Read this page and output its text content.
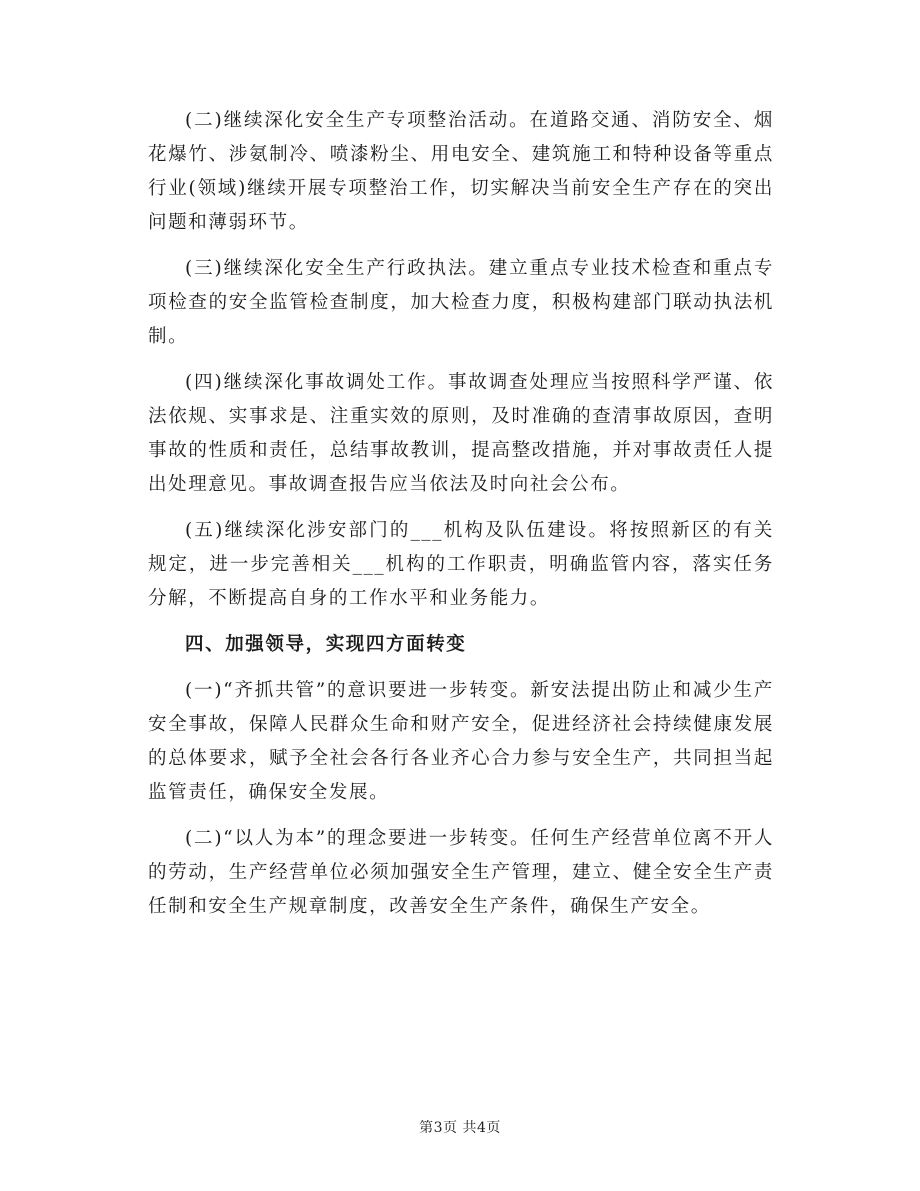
(二)继续深化安全生产专项整治活动。在道路交通、消防安全、烟花爆竹、涉氨制冷、喷漆粉尘、用电安全、建筑施工和特种设备等重点行业(领域)继续开展专项整治工作，切实解决当前安全生产存在的突出问题和薄弱环节。

(三)继续深化安全生产行政执法。建立重点专业技术检查和重点专项检查的安全监管检查制度，加大检查力度，积极构建部门联动执法机制。

(四)继续深化事故调处工作。事故调查处理应当按照科学严谨、依法依规、实事求是、注重实效的原则，及时准确的查清事故原因，查明事故的性质和责任，总结事故教训，提高整改措施，并对事故责任人提出处理意见。事故调查报告应当依法及时向社会公布。

(五)继续深化涉安部门的___机构及队伍建设。将按照新区的有关规定，进一步完善相关___机构的工作职责，明确监管内容，落实任务分解，不断提高自身的工作水平和业务能力。

四、加强领导，实现四方面转变

(一)“齐抓共管”的意识要进一步转变。新安法提出防止和减少生产安全事故，保障人民群众生命和财产安全，促进经济社会持续健康发展的总体要求，赋予全社会各行各业齐心合力参与安全生产，共同担当起监管责任，确保安全发展。

(二)“以人为本”的理念要进一步转变。任何生产经营单位离不开人的劳动，生产经营单位必须加强安全生产管理，建立、健全安全生产责任制和安全生产规章制度，改善安全生产条件，确保生产安全。

第3页 共4页
